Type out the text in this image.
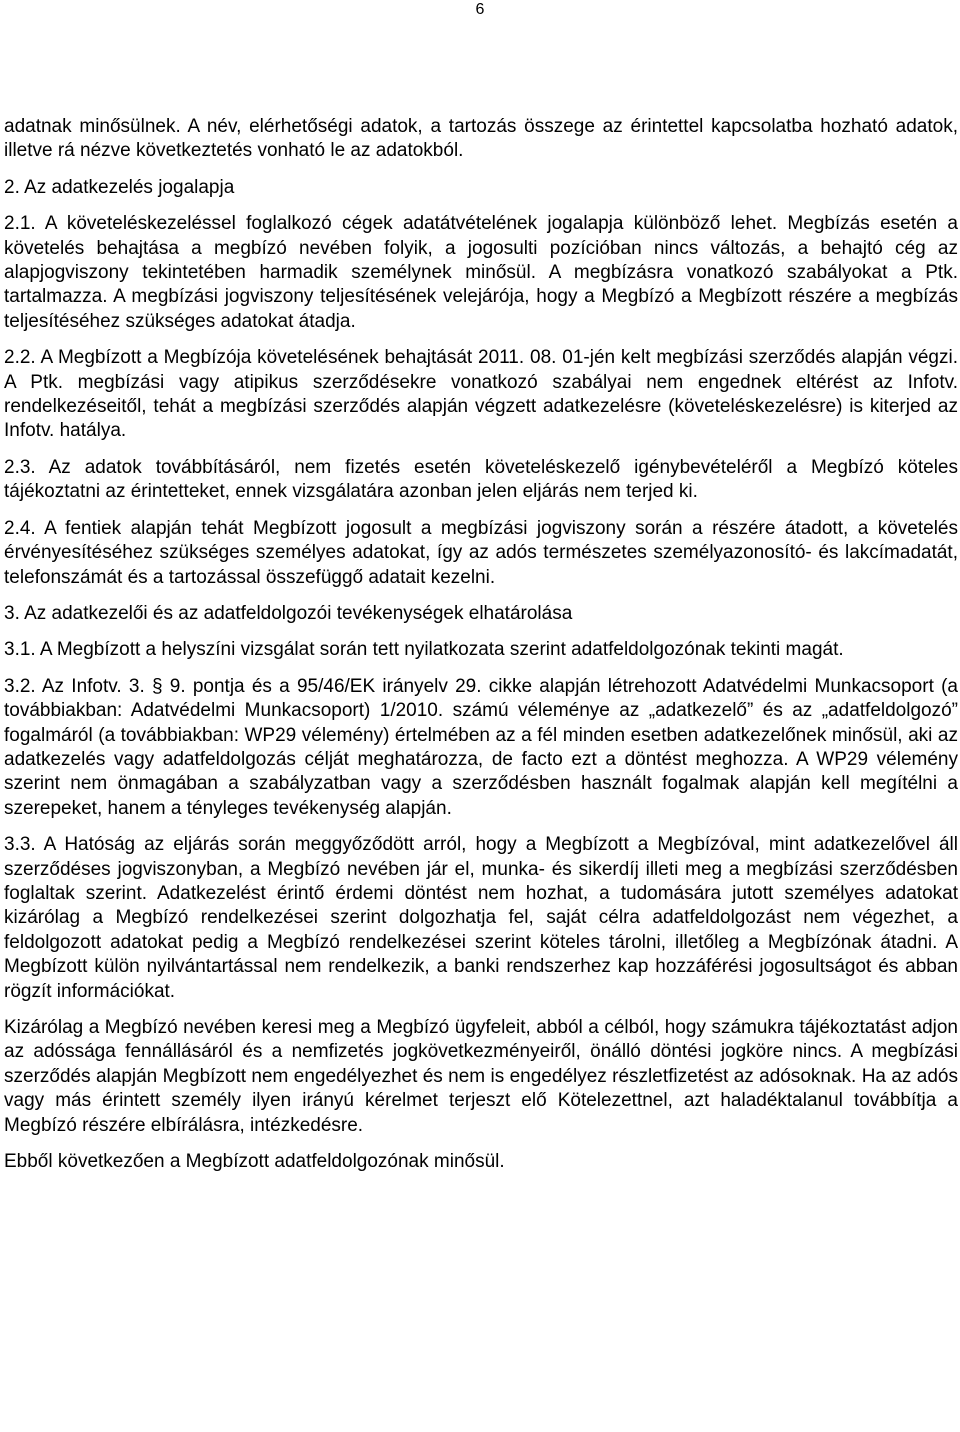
6

adatnak minősülnek. A név, elérhetőségi adatok, a tartozás összege az érintettel kapcsolatba hozható adatok, illetve rá nézve következtetés vonható le az adatokból.

2. Az adatkezelés jogalapja

2.1. A követeléskezeléssel foglalkozó cégek adatátvételének jogalapja különböző lehet. Megbízás esetén a követelés behajtása a megbízó nevében folyik, a jogosulti pozícióban nincs változás, a behajtó cég az alapjogviszony tekintetében harmadik személynek minősül. A megbízásra vonatkozó szabályokat a Ptk. tartalmazza. A megbízási jogviszony teljesítésének velejárója, hogy a Megbízó a Megbízott részére a megbízás teljesítéséhez szükséges adatokat átadja.

2.2. A Megbízott a Megbízója követelésének behajtását 2011. 08. 01-jén kelt megbízási szerződés alapján végzi. A Ptk. megbízási vagy atipikus szerződésekre vonatkozó szabályai nem engednek eltérést az Infotv. rendelkezéseitől, tehát a megbízási szerződés alapján végzett adatkezelésre (követeléskezelésre) is kiterjed az Infotv. hatálya.

2.3. Az adatok továbbításáról, nem fizetés esetén követeléskezelő igénybevételéről a Megbízó köteles tájékoztatni az érintetteket, ennek vizsgálatára azonban jelen eljárás nem terjed ki.

2.4. A fentiek alapján tehát Megbízott jogosult a megbízási jogviszony során a részére átadott, a követelés érvényesítéséhez szükséges személyes adatokat, így az adós természetes személyazonosító- és lakcímadatát, telefonszámát és a tartozással összefüggő adatait kezelni.

3. Az adatkezelői és az adatfeldolgozói tevékenységek elhatárolása

3.1. A Megbízott a helyszíni vizsgálat során tett nyilatkozata szerint adatfeldolgozónak tekinti magát.

3.2. Az Infotv. 3. § 9. pontja és a 95/46/EK irányelv 29. cikke alapján létrehozott Adatvédelmi Munkacsoport (a továbbiakban: Adatvédelmi Munkacsoport) 1/2010. számú véleménye az „adatkezelő” és az „adatfeldolgozó” fogalmáról (a továbbiakban: WP29 vélemény) értelmében az a fél minden esetben adatkezelőnek minősül, aki az adatkezelés vagy adatfeldolgozás célját meghatározza, de facto ezt a döntést meghozza. A WP29 vélemény szerint nem önmagában a szabályzatban vagy a szerződésben használt fogalmak alapján kell megítélni a szerepeket, hanem a tényleges tevékenység alapján.

3.3. A Hatóság az eljárás során meggyőződött arról, hogy a Megbízott a Megbízóval, mint adatkezelővel áll szerződéses jogviszonyban, a Megbízó nevében jár el, munka- és sikerdíj illeti meg a megbízási szerződésben foglaltak szerint. Adatkezelést érintő érdemi döntést nem hozhat, a tudomására jutott személyes adatokat kizárólag a Megbízó rendelkezései szerint dolgozhatja fel, saját célra adatfeldolgozást nem végezhet, a feldolgozott adatokat pedig a Megbízó rendelkezései szerint köteles tárolni, illetőleg a Megbízónak átadni. A Megbízott külön nyilvántartással nem rendelkezik, a banki rendszerhez kap hozzáférési jogosultságot és abban rögzít információkat.

Kizárólag a Megbízó nevében keresi meg a Megbízó ügyfeleit, abból a célból, hogy számukra tájékoztatást adjon az adóssága fennállásáról és a nemfizetés jogkövetkezményeiről, önálló döntési jogköre nincs. A megbízási szerződés alapján Megbízott nem engedélyezhet és nem is engedélyez részletfizetést az adósoknak. Ha az adós vagy más érintett személy ilyen irányú kérelmet terjeszt elő Kötelezettnel, azt haladéktalanul továbbítja a Megbízó részére elbírálásra, intézkedésre.

Ebből következően a Megbízott adatfeldolgozónak minősül.
